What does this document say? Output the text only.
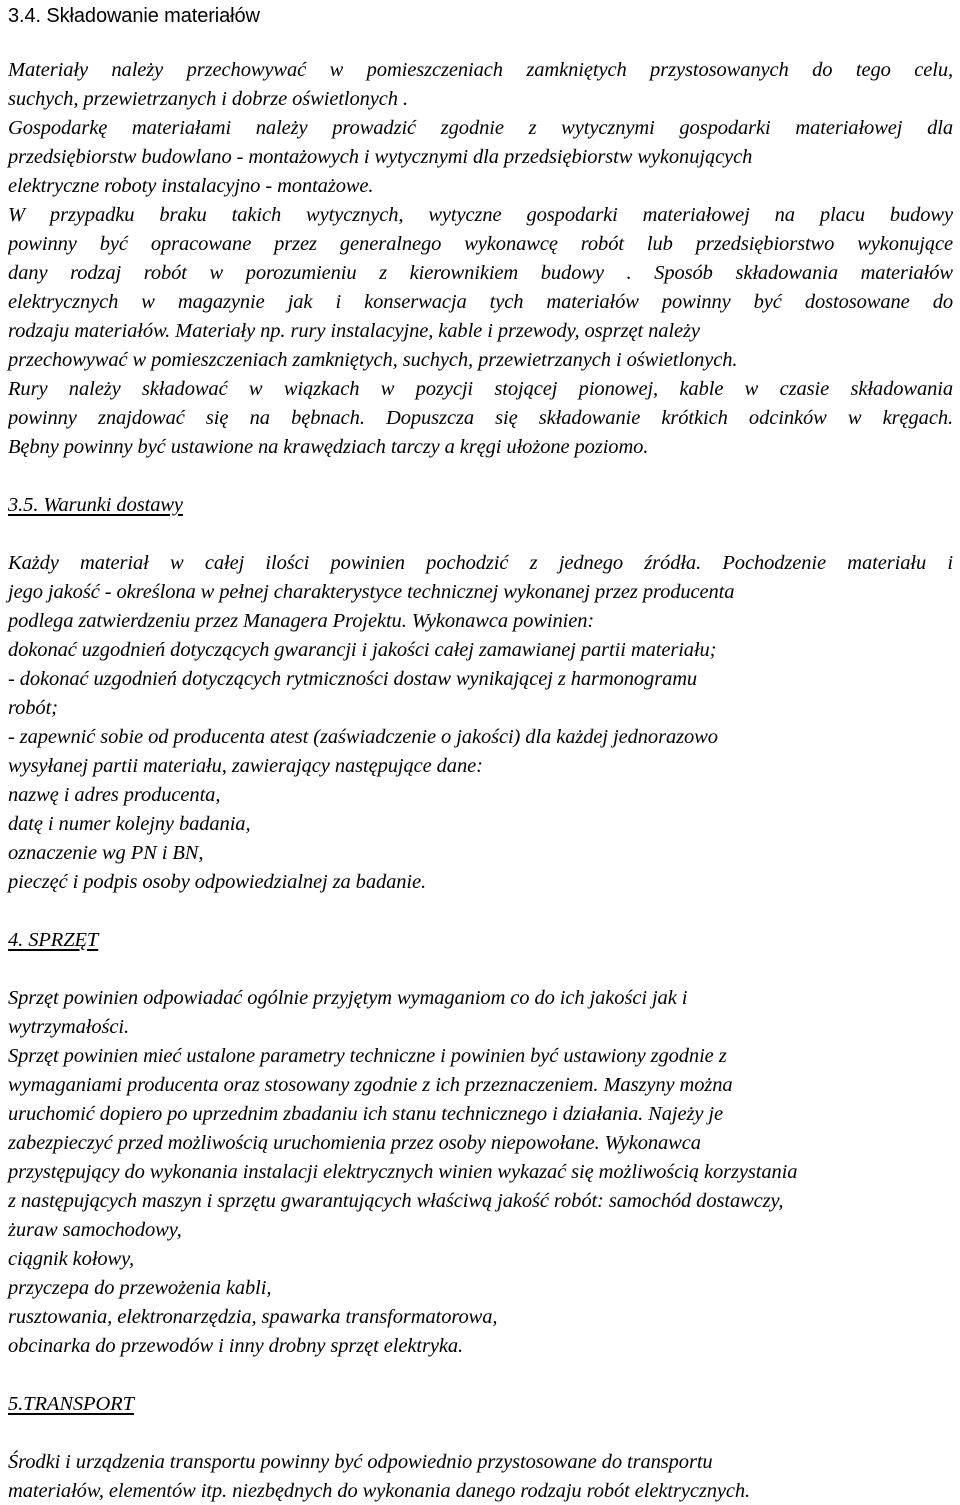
3.4. Składowanie materiałów
Materiały należy przechowywać w pomieszczeniach zamkniętych przystosowanych do tego celu,
suchych, przewietrzanych i dobrze oświetlonych .
Gospodarkę materiałami należy prowadzić zgodnie z wytycznymi gospodarki materiałowej dla
przedsiębiorstw budowlano - montażowych i wytycznymi dla przedsiębiorstw wykonujących
elektryczne roboty instalacyjno - montażowe.
W przypadku braku takich wytycznych, wytyczne gospodarki materiałowej na placu budowy
powinny być opracowane przez generalnego wykonawcę robót lub przedsiębiorstwo wykonujące
dany rodzaj robót w porozumieniu z kierownikiem budowy . Sposób składowania materiałów
elektrycznych w magazynie jak i konserwacja tych materiałów powinny być dostosowane do
rodzaju materiałów. Materiały np. rury instalacyjne, kable i przewody, osprzęt należy
przechowywać w pomieszczeniach zamkniętych, suchych, przewietrzanych i oświetlonych.
Rury należy składować w wiązkach w pozycji stojącej pionowej, kable w czasie składowania
powinny znajdować się na bębnach. Dopuszcza się składowanie krótkich odcinków w kręgach.
Bębny powinny być ustawione na krawędziach tarczy a kręgi ułożone poziomo.
3.5. Warunki dostawy
Każdy materiał w całej ilości powinien pochodzić z jednego źródła. Pochodzenie materiału i
jego jakość - określona w pełnej charakterystyce technicznej wykonanej przez producenta
podlega zatwierdzeniu przez Managera Projektu. Wykonawca powinien:
dokonać uzgodnień dotyczących gwarancji i jakości całej zamawianej partii materiału;
- dokonać uzgodnień dotyczących rytmiczności dostaw wynikającej z harmonogramu
robót;
- zapewnić sobie od producenta atest (zaświadczenie o jakości) dla każdej jednorazowo
wysyłanej partii materiału, zawierający następujące dane:
nazwę i adres producenta,
datę i numer kolejny badania,
oznaczenie wg PN i BN,
pieczęć i podpis osoby odpowiedzialnej za badanie.
4. SPRZĘT
Sprzęt powinien odpowiadać ogólnie przyjętym wymaganiom co do ich jakości jak i
wytrzymałości.
Sprzęt powinien mieć ustalone parametry techniczne i powinien być ustawiony zgodnie z
wymaganiami producenta oraz stosowany zgodnie z ich przeznaczeniem. Maszyny można
uruchomić dopiero po uprzednim zbadaniu ich stanu technicznego i działania. Najeży je
zabezpieczyć przed możliwością uruchomienia przez osoby niepowołane. Wykonawca
przystępujący do wykonania instalacji elektrycznych winien wykazać się możliwością korzystania
z następujących maszyn i sprzętu gwarantujących właściwą jakość robót: samochód dostawczy,
żuraw samochodowy,
ciągnik kołowy,
przyczepa do przewożenia kabli,
rusztowania, elektronarzędzia, spawarka transformatorowa,
obcinarka do przewodów i inny drobny sprzęt elektryka.
5.TRANSPORT
Środki i urządzenia transportu powinny być odpowiednio przystosowane do transportu
materiałów, elementów itp. niezbędnych do wykonania danego rodzaju robót elektrycznych.
